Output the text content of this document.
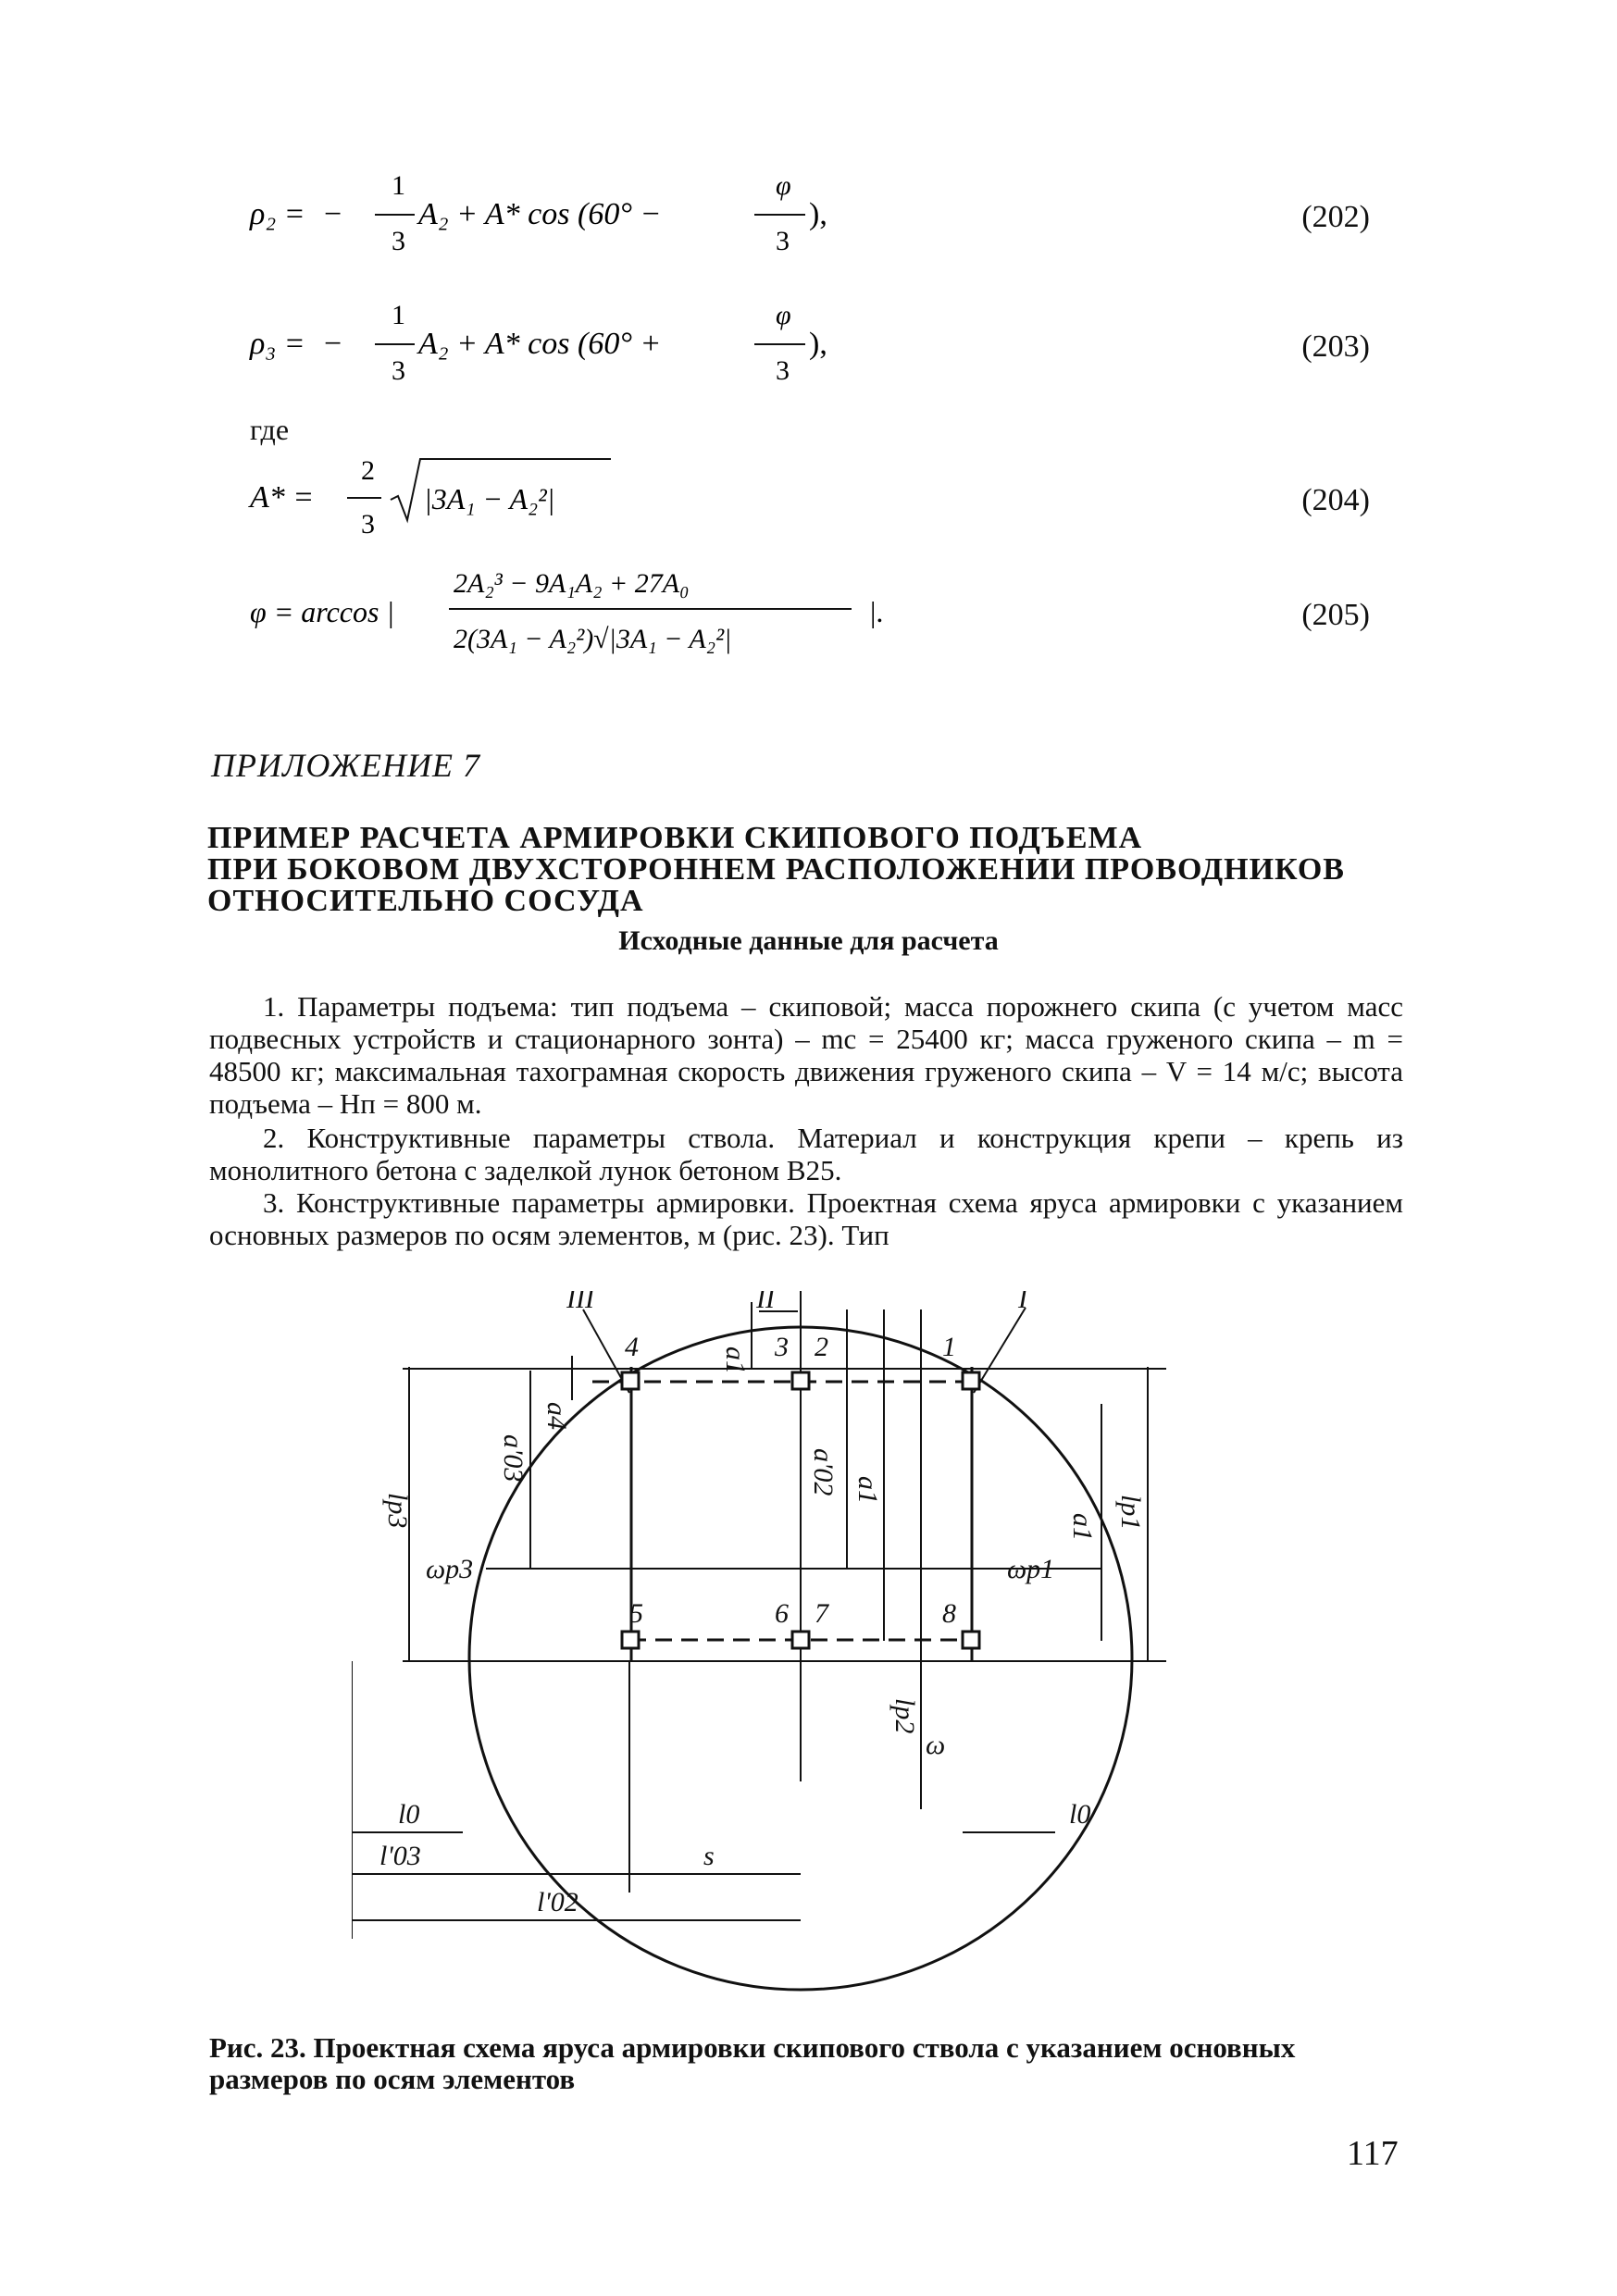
ρ₂ = −
1
3
A₂ + A* cos (60° −
φ
3
),	(202)
ρ₃ = −
1
3
A₂ + A* cos (60° +
φ
3
),	(203)
где
A* =
2
3
|3A₁ − A₂²|	(204)
φ = arccos |
2A₂³ − 9A₁A₂ + 27A₀
2(3A₁ − A₂²)√|3A₁ − A₂²|
|.	(205)
ПРИЛОЖЕНИЕ 7
ПРИМЕР РАСЧЕТА АРМИРОВКИ СКИПОВОГО ПОДЪЕМА
ПРИ БОКОВОМ ДВУХСТОРОННЕМ РАСПОЛОЖЕНИИ ПРОВОДНИКОВ
ОТНОСИТЕЛЬНО СОСУДА
Исходные данные для расчета
1. Параметры подъема: тип подъема – скиповой; масса порожнего скипа (с учетом масс подвесных устройств и стационарного зонта) – mc = 25400 кг; масса груженого скипа – m = 48500 кг; максимальная тахограмная скорость движения груженого скипа – V = 14 м/с; высота подъема – Hп = 800 м.
2. Конструктивные параметры ствола. Материал и конструкция крепи – крепь из монолитного бетона с заделкой лунок бетоном В25.
3. Конструктивные параметры армировки. Проектная схема яруса армировки с указанием основных размеров по осям элементов, м (рис. 23). Тип
III	II	I
4	3 2	1
5	6 7	8
a1
a1
a1
a4
a'03	a'02
lp1
lp3
lp2
ωp1
ωp3
ω
l0	l0
l'03	s
l'02
Рис. 23. Проектная схема яруса армировки скипового ствола с указанием основных размеров по осям элементов
117
